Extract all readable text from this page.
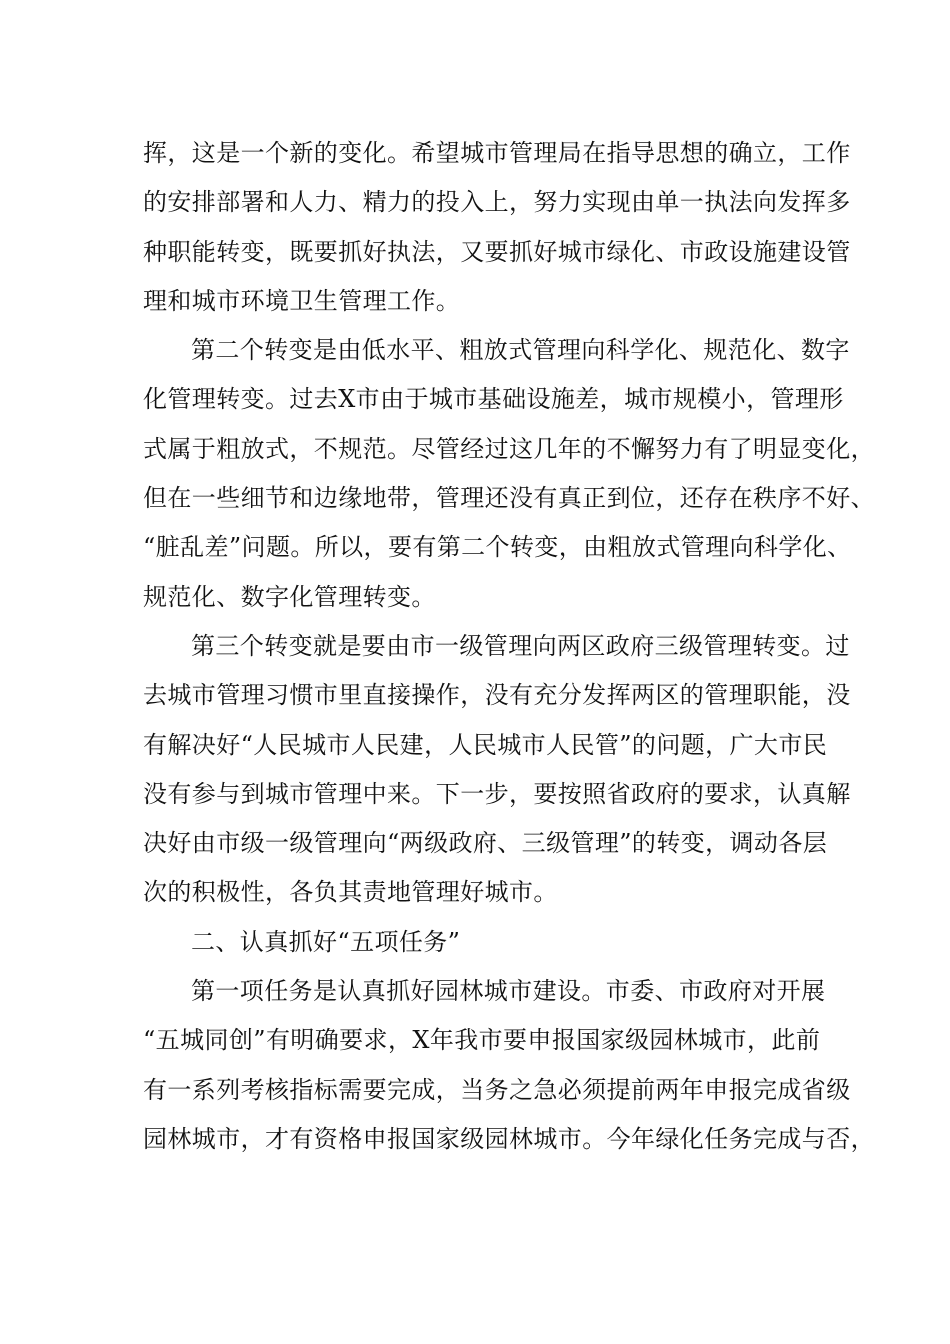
挥，这是一个新的变化。希望城市管理局在指导思想的确立，工作
的安排部署和人力、精力的投入上，努力实现由单一执法向发挥多
种职能转变，既要抓好执法，又要抓好城市绿化、市政设施建设管
理和城市环境卫生管理工作。
第二个转变是由低水平、粗放式管理向科学化、规范化、数字
化管理转变。过去X市由于城市基础设施差，城市规模小，管理形
式属于粗放式，不规范。尽管经过这几年的不懈努力有了明显变化，
但在一些细节和边缘地带，管理还没有真正到位，还存在秩序不好、
“脏乱差”问题。所以，要有第二个转变，由粗放式管理向科学化、
规范化、数字化管理转变。
第三个转变就是要由市一级管理向两区政府三级管理转变。过
去城市管理习惯市里直接操作，没有充分发挥两区的管理职能，没
有解决好“人民城市人民建，人民城市人民管”的问题，广大市民
没有参与到城市管理中来。下一步，要按照省政府的要求，认真解
决好由市级一级管理向“两级政府、三级管理”的转变，调动各层
次的积极性，各负其责地管理好城市。
二、认真抓好“五项任务”
第一项任务是认真抓好园林城市建设。市委、市政府对开展
“五城同创”有明确要求，X年我市要申报国家级园林城市，此前
有一系列考核指标需要完成，当务之急必须提前两年申报完成省级
园林城市，才有资格申报国家级园林城市。今年绿化任务完成与否，
